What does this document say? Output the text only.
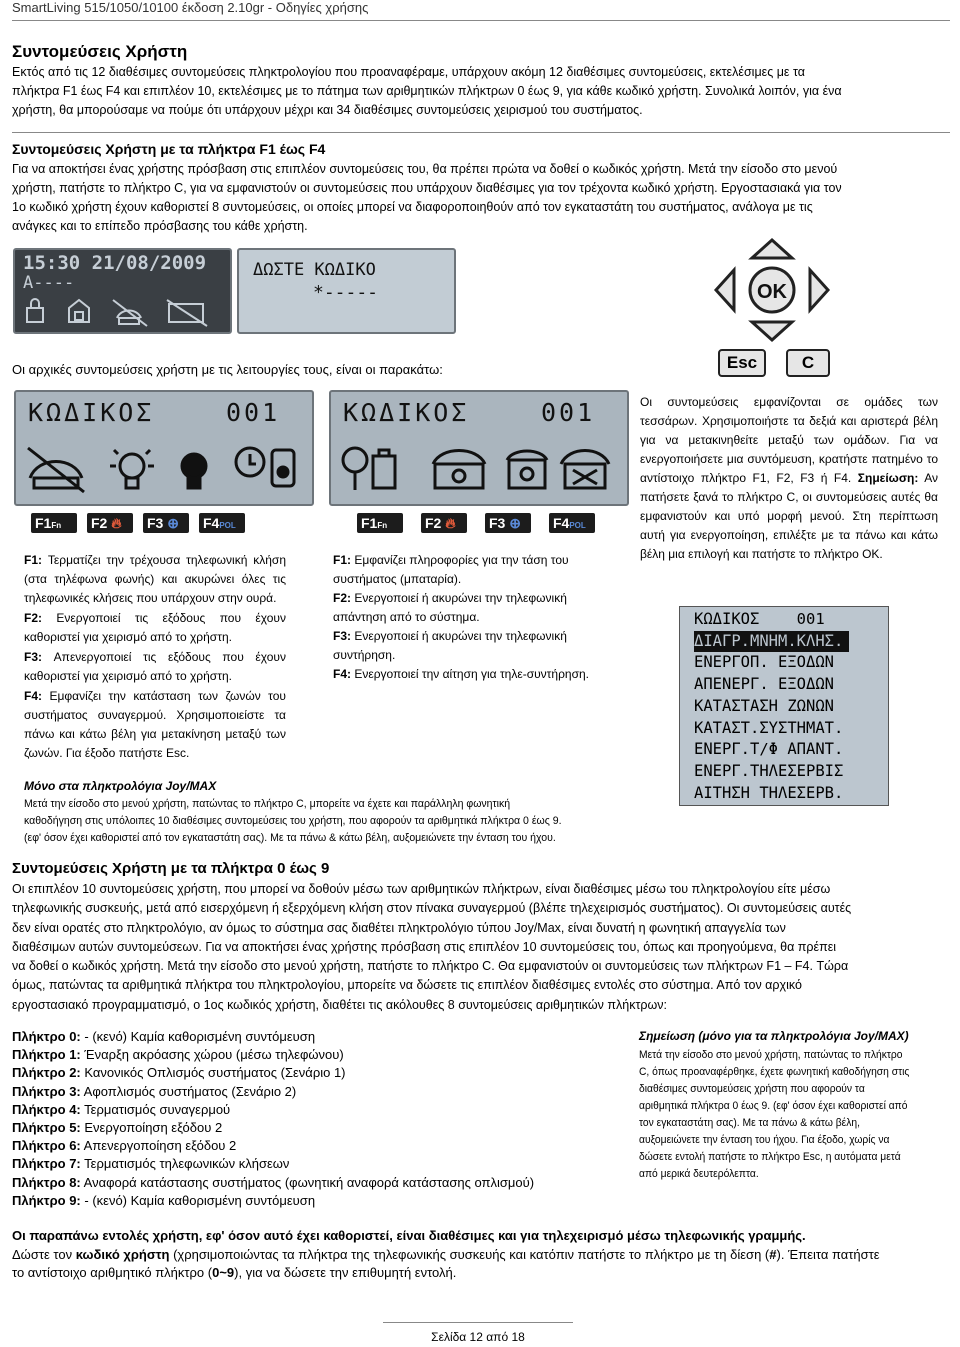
SmartLiving 515/1050/10100 έκδοση 2.10gr - Οδηγίες χρήσης
Συντομεύσεις Χρήστη
Εκτός από τις 12 διαθέσιμες συντομεύσεις πληκτρολογίου που προαναφέραμε, υπάρχουν ακόμη 12 διαθέσιμες συντομεύσεις, εκτελέσιμες με τα
πλήκτρα F1 έως F4 και επιπλέον 10, εκτελέσιμες με το πάτημα των αριθμητικών πλήκτρων 0 έως 9, για κάθε κωδικό χρήστη. Συνολικά λοιπόν, για ένα
χρήστη, θα μπορούσαμε να πούμε ότι υπάρχουν μέχρι και 34 διαθέσιμες συντομεύσεις χειρισμού του συστήματος.
Συντομεύσεις Χρήστη με τα πλήκτρα F1 έως F4
Για να αποκτήσει ένας χρήστης πρόσβαση στις επιπλέον συντομεύσεις του, θα πρέπει πρώτα να δοθεί ο κωδικός χρήστη. Μετά την είσοδο στο μενού
χρήστη, πατήστε το πλήκτρο C, για να εμφανιστούν οι συντομεύσεις που υπάρχουν διαθέσιμες για τον τρέχοντα κωδικό χρήστη. Εργοστασιακά για τον
1ο κωδικό χρήστη έχουν καθοριστεί 8 συντομεύσεις, οι οποίες μπορεί να διαφοροποιηθούν από τον εγκαταστάτη του συστήματος, ανάλογα με τις
ανάγκες και το επίπεδο πρόσβασης του κάθε χρήστη.
15:30 21/08/2009
A----
ΔΩΣΤΕ ΚΩΔΙΚΟ
*-----	OK
Esc	C
Οι αρχικές συντομεύσεις χρήστη με τις λειτουργίες τους, είναι οι παρακάτω:
ΚΩΔΙΚΟΣ	001	ΚΩΔΙΚΟΣ	001
F1Fn F2 🔥︎ F3 ⊕ F4POL	F1Fn	F2 🔥︎ F3 ⊕ F4POL
F1: Τερματίζει την τρέχουσα τηλεφωνική κλήση (στα τηλέφωνα φωνής) και ακυρώνει όλες τις τηλεφωνικές κλήσεις που υπάρχουν στην ουρά.
F2: Ενεργοποιεί τις εξόδους που έχουν καθοριστεί για χειρισμό από το χρήστη.
F3: Απενεργοποιεί τις εξόδους που έχουν καθοριστεί για χειρισμό από το χρήστη.
F4: Εμφανίζει την κατάσταση των ζωνών του συστήματος συναγερμού. Χρησιμοποιείστε τα πάνω και κάτω βέλη για μετακίνηση μεταξύ των ζωνών. Για έξοδο πατήστε Esc.
F1: Εμφανίζει πληροφορίες για την τάση του συστήματος (μπαταρία).
F2: Ενεργοποιεί ή ακυρώνει την τηλεφωνική απάντηση από το σύστημα.
F3: Ενεργοποιεί ή ακυρώνει την τηλεφωνική συντήρηση.
F4: Ενεργοποιεί την αίτηση για τηλε-συντήρηση.
Οι συντομεύσεις εμφανίζονται σε ομάδες των τεσσάρων. Χρησιμοποιήστε τα δεξιά και αριστερά βέλη για να μετακινηθείτε μεταξύ των ομάδων. Για να ενεργοποιήσετε μια συντόμευση, κρατήστε πατημένο το αντίστοιχο πλήκτρο F1, F2, F3 ή F4. Σημείωση: Αν πατήσετε ξανά το πλήκτρο C, οι συντομεύσεις αυτές θα εμφανιστούν και υπό μορφή μενού. Στη περίπτωση αυτή για ενεργοποίηση, επιλέξτε με τα πάνω και κάτω βέλη μια επιλογή και πατήστε το πλήκτρο ΟΚ.
ΚΩΔΙΚΟΣ    001
ΔΙΑΓΡ.ΜΝΗΜ.ΚΛΗΣ.
ΕΝΕΡΓΟΠ. ΕΞΟΔΩΝ
ΑΠΕΝΕΡΓ. ΕΞΟΔΩΝ
ΚΑΤΑΣΤΑΣΗ ΖΩΝΩΝ
ΚΑΤΑΣΤ.ΣΥΣΤΗΜΑΤ.
ΕΝΕΡΓ.Τ/Φ ΑΠΑΝΤ.
ΕΝΕΡΓ.ΤΗΛΕΣΕΡΒΙΣ
ΑΙΤΗΣΗ ΤΗΛΕΣΕΡΒ.
Μόνο στα πληκτρολόγια Joy/MAX
Μετά την είσοδο στο μενού χρήστη, πατώντας το πλήκτρο C, μπορείτε να έχετε και παράλληλη φωνητική
καθοδήγηση στις υπόλοιπες 10 διαθέσιμες συντομεύσεις του χρήστη, που αφορούν τα αριθμητικά πλήκτρα 0 έως 9.
(εφ' όσον έχει καθοριστεί από τον εγκαταστάτη σας). Με τα πάνω & κάτω βέλη, αυξομειώνετε την ένταση του ήχου.
Συντομεύσεις Χρήστη με τα πλήκτρα 0 έως 9
Οι επιπλέον 10 συντομεύσεις χρήστη, που μπορεί να δοθούν μέσω των αριθμητικών πλήκτρων, είναι διαθέσιμες μέσω του πληκτρολογίου είτε μέσω
τηλεφωνικής συσκευής, μετά από εισερχόμενη ή εξερχόμενη κλήση στον πίνακα συναγερμού (βλέπε τηλεχειρισμός συστήματος). Οι συντομεύσεις αυτές
δεν είναι ορατές στο πληκτρολόγιο, αν όμως το σύστημα σας διαθέτει πληκτρολόγιο τύπου Joy/Max, είναι δυνατή η φωνητική απαγγελία των
διαθέσιμων αυτών συντομεύσεων. Για να αποκτήσει ένας χρήστης πρόσβαση στις επιπλέον 10 συντομεύσεις του, όπως και προηγούμενα, θα πρέπει
να δοθεί ο κωδικός χρήστη. Μετά την είσοδο στο μενού χρήστη, πατήστε το πλήκτρο C. Θα εμφανιστούν οι συντομεύσεις των πλήκτρων F1 – F4. Τώρα
όμως, πατώντας τα αριθμητικά πλήκτρα του πληκτρολογίου, μπορείτε να δώσετε τις επιπλέον διαθέσιμες εντολές στο σύστημα. Από τον αρχικό
εργοστασιακό προγραμματισμό, ο 1ος κωδικός χρήστη, διαθέτει τις ακόλουθες 8 συντομεύσεις αριθμητικών πλήκτρων:
Πλήκτρο 0: - (κενό) Καμία καθορισμένη συντόμευση
Πλήκτρο 1: Έναρξη ακρόασης χώρου (μέσω τηλεφώνου)
Πλήκτρο 2: Κανονικός Οπλισμός συστήματος (Σενάριο 1)
Πλήκτρο 3: Αφοπλισμός συστήματος (Σενάριο 2)
Πλήκτρο 4: Τερματισμός συναγερμού
Πλήκτρο 5: Ενεργοποίηση εξόδου 2
Πλήκτρο 6: Απενεργοποίηση εξόδου 2
Πλήκτρο 7: Τερματισμός τηλεφωνικών κλήσεων
Πλήκτρο 8: Αναφορά κατάστασης συστήματος (φωνητική αναφορά κατάστασης οπλισμού)
Πλήκτρο 9: - (κενό) Καμία καθορισμένη συντόμευση
Σημείωση (μόνο για τα πληκτρολόγια Joy/MAX)
Μετά την είσοδο στο μενού χρήστη, πατώντας το πλήκτρο
C, όπως προαναφέρθηκε, έχετε φωνητική καθοδήγηση στις
διαθέσιμες συντομεύσεις χρήστη που αφορούν τα
αριθμητικά πλήκτρα 0 έως 9. (εφ' όσον έχει καθοριστεί από
τον εγκαταστάτη σας). Με τα πάνω & κάτω βέλη,
αυξομειώνετε την ένταση του ήχου. Για έξοδο, χωρίς να
δώσετε εντολή πατήστε το πλήκτρο Esc, η αυτόματα μετά
από μερικά δευτερόλεπτα.
Οι παραπάνω εντολές χρήστη, εφ' όσον αυτό έχει καθοριστεί, είναι διαθέσιμες και για τηλεχειρισμό μέσω τηλεφωνικής γραμμής.
Δώστε τον κωδικό χρήστη (χρησιμοποιώντας τα πλήκτρα της τηλεφωνικής συσκευής και κατόπιν πατήστε το πλήκτρο με τη δίεση (#). Έπειτα πατήστε
το αντίστοιχο αριθμητικό πλήκτρο (0~9), για να δώσετε την επιθυμητή εντολή.
Σελίδα 12 από 18
